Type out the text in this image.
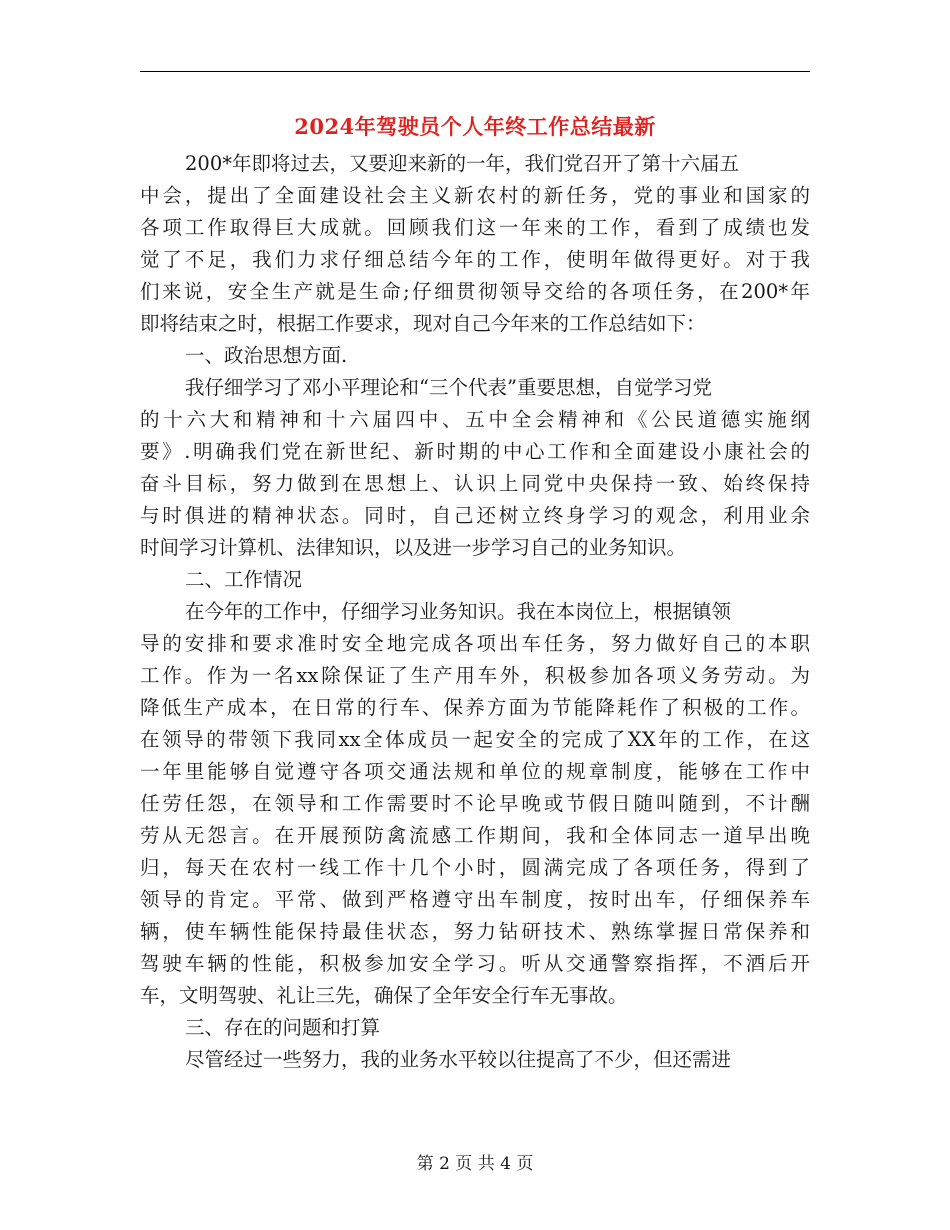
2024年驾驶员个人年终工作总结最新
200*年即将过去，又要迎来新的一年，我们党召开了第十六届五
中会，提出了全面建设社会主义新农村的新任务，党的事业和国家的
各项工作取得巨大成就。回顾我们这一年来的工作，看到了成绩也发
觉了不足，我们力求仔细总结今年的工作，使明年做得更好。对于我
们来说，安全生产就是生命;仔细贯彻领导交给的各项任务，在200*年
即将结束之时，根据工作要求，现对自己今年来的工作总结如下：
一、政治思想方面.
我仔细学习了邓小平理论和“三个代表”重要思想，自觉学习党
的十六大和精神和十六届四中、五中全会精神和《公民道德实施纲
要》.明确我们党在新世纪、新时期的中心工作和全面建设小康社会的
奋斗目标，努力做到在思想上、认识上同党中央保持一致、始终保持
与时俱进的精神状态。同时，自己还树立终身学习的观念，利用业余
时间学习计算机、法律知识，以及进一步学习自己的业务知识。
二、工作情况
在今年的工作中，仔细学习业务知识。我在本岗位上，根据镇领
导的安排和要求准时安全地完成各项出车任务，努力做好自己的本职
工作。作为一名xx除保证了生产用车外，积极参加各项义务劳动。为
降低生产成本，在日常的行车、保养方面为节能降耗作了积极的工作。
在领导的带领下我同xx全体成员一起安全的完成了XX年的工作，在这
一年里能够自觉遵守各项交通法规和单位的规章制度，能够在工作中
任劳任怨，在领导和工作需要时不论早晚或节假日随叫随到，不计酬
劳从无怨言。在开展预防禽流感工作期间，我和全体同志一道早出晚
归，每天在农村一线工作十几个小时，圆满完成了各项任务，得到了
领导的肯定。平常、做到严格遵守出车制度，按时出车，仔细保养车
辆，使车辆性能保持最佳状态，努力钻研技术、熟练掌握日常保养和
驾驶车辆的性能，积极参加安全学习。听从交通警察指挥，不酒后开
车，文明驾驶、礼让三先，确保了全年安全行车无事故。
三、存在的问题和打算
尽管经过一些努力，我的业务水平较以往提高了不少，但还需进
第 2 页 共 4 页
